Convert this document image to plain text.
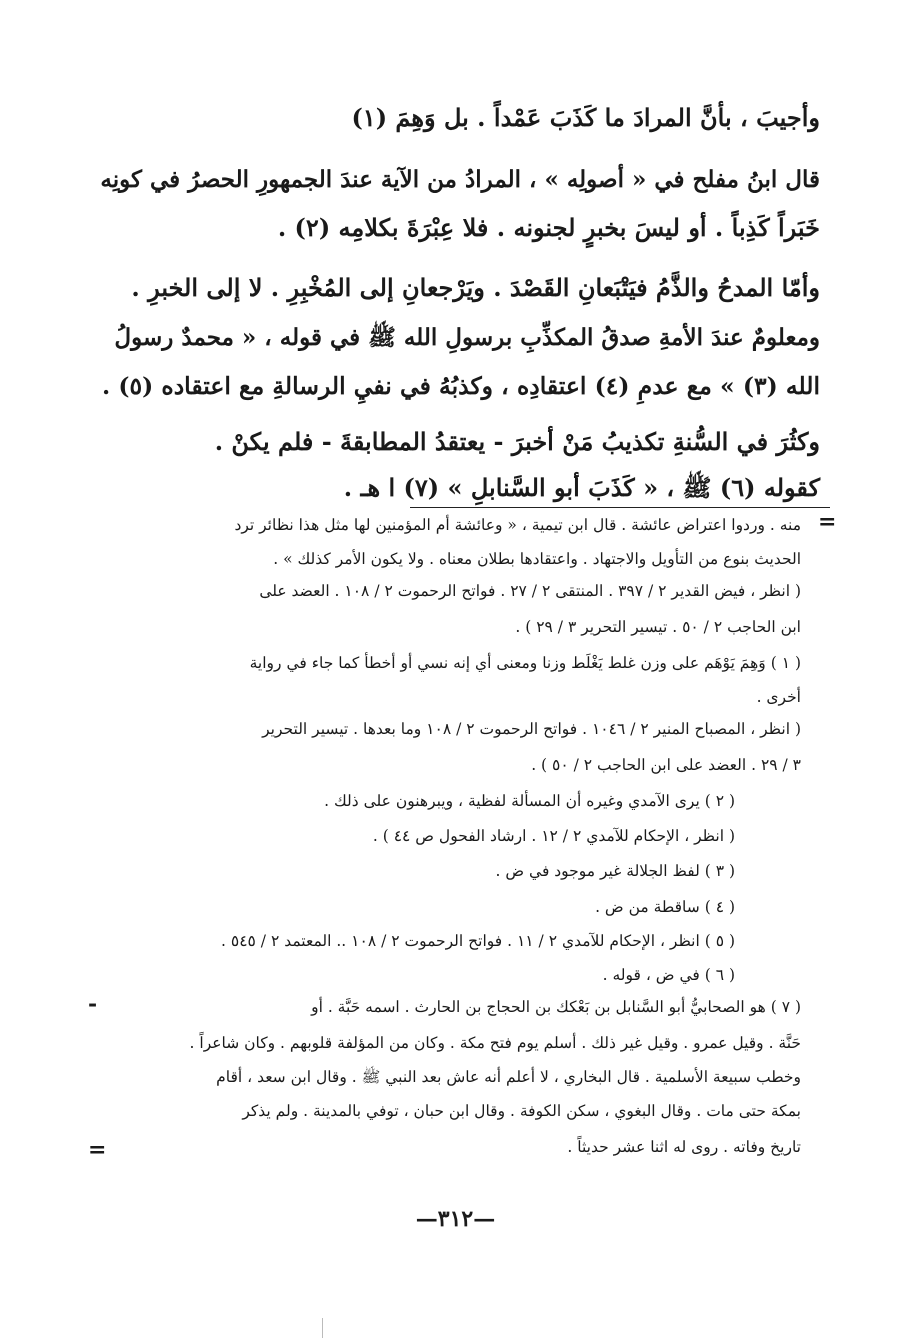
وأجيبَ ، بأنَّ المرادَ ما كَذَبَ عَمْداً . بل وَهِمَ (١)
قال ابنُ مفلح في « أصولِه » ، المرادُ من الآية عندَ الجمهورِ الحصرُ في كونِه
خَبَراً كَذِباً . أو ليسَ بخبرٍ لجنونه . فلا عِبْرَةَ بكلامِه (٢) .
وأمّا المدحُ والذَّمُ فيَتْبَعانِ القَصْدَ . ويَرْجعانِ إلى المُخْبِرِ . لا إلى الخبرِ .
ومعلومٌ عندَ الأمةِ صدقُ المكذِّبِ برسولِ الله ﷺ في قوله ، « محمدٌ رسولُ
الله (٣) » مع عدمِ (٤) اعتقادِه ، وكذبُهُ في نفيِ الرسالةِ مع اعتقاده (٥) .
وكثُرَ في السُّنةِ تكذيبُ مَنْ أخبرَ - يعتقدُ المطابقةَ - فلم يكنْ .
كقوله (٦) ﷺ ، « كَذَبَ أبو السَّنابلِ » (٧) ا هـ .
منه . وردوا اعتراض عائشة . قال ابن تيمية ، « وعائشة أم المؤمنين لها مثل هذا نظائر ترد
الحديث بنوع من التأويل والاجتهاد . واعتقادها بطلان معناه . ولا يكون الأمر كذلك » .
( انظر ، فيض القدير ٢ / ٣٩٧ . المنتقى ٢ / ٢٧ . فواتح الرحموت ٢ / ١٠٨ . العضد على
ابن الحاجب ٢ / ٥٠ . تيسير التحرير ٣ / ٢٩ ) .
( ١ ) وَهِمَ يَوْهَم على وزن غلط يَغْلَط وزنا ومعنى أي إنه نسي أو أخطأ كما جاء في رواية
أخرى .
( انظر ، المصباح المنير ٢ / ١٠٤٦ . فواتح الرحموت ٢ / ١٠٨ وما بعدها . تيسير التحرير
٣ / ٢٩ . العضد على ابن الحاجب ٢ / ٥٠ ) .
( ٢ ) يرى الآمدي وغيره أن المسألة لفظية ، ويبرهنون على ذلك .
( انظر ، الإحكام للآمدي ٢ / ١٢ . ارشاد الفحول ص ٤٤ ) .
( ٣ ) لفظ الجلالة غير موجود في ض .
( ٤ ) ساقطة من ض .
( ٥ ) انظر ، الإحكام للآمدي ٢ / ١١ . فواتح الرحموت ٢ / ١٠٨ .. المعتمد ٢ / ٥٤٥ .
( ٦ ) في ض ، قوله .
( ٧ ) هو الصحابيُّ أبو السَّنابل بن بَعْكك بن الحجاج بن الحارث . اسمه حَبَّة . أو
حَنَّة . وقيل عمرو . وقيل غير ذلك . أسلم يوم فتح مكة . وكان من المؤلفة قلوبهم . وكان شاعراً .
وخطب سبيعة الأسلمية . قال البخاري ، لا أعلم أنه عاش بعد النبي ﷺ . وقال ابن سعد ، أقام
بمكة حتى مات . وقال البغوي ، سكن الكوفة . وقال ابن حبان ، توفي بالمدينة . ولم يذكر
تاريخ وفاته . روى له اثنا عشر حديثاً .
=
-
=
—٣١٢—
